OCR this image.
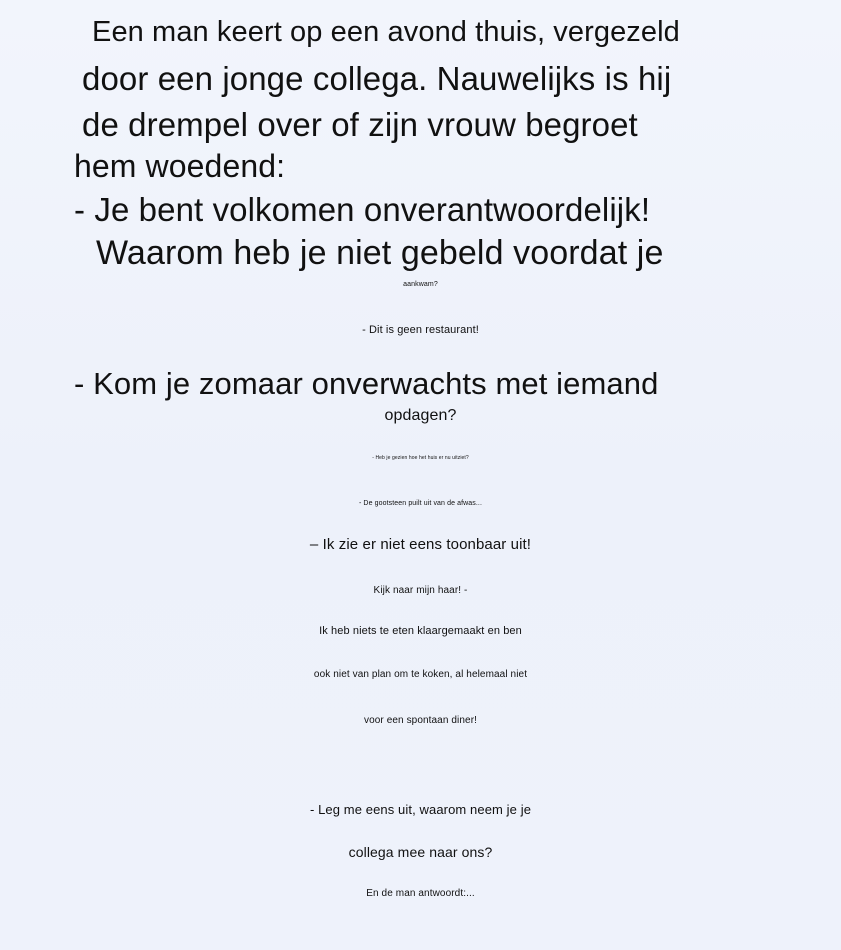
Een man keert op een avond thuis, vergezeld
door een jonge collega. Nauwelijks is hij
de drempel over of zijn vrouw begroet
hem woedend:
- Je bent volkomen onverantwoordelijk!
Waarom heb je niet gebeld voordat je
aankwam?
- Dit is geen restaurant!
- Kom je zomaar onverwachts met iemand
opdagen?
- Heb je gezien hoe het huis er nu uitziet?
- De gootsteen puilt uit van de afwas...
– Ik zie er niet eens toonbaar uit!
Kijk naar mijn haar! -
Ik heb niets te eten klaargemaakt en ben
ook niet van plan om te koken, al helemaal niet
voor een spontaan diner!
- Leg me eens uit, waarom neem je je
collega mee naar ons?
En de man antwoordt:...
